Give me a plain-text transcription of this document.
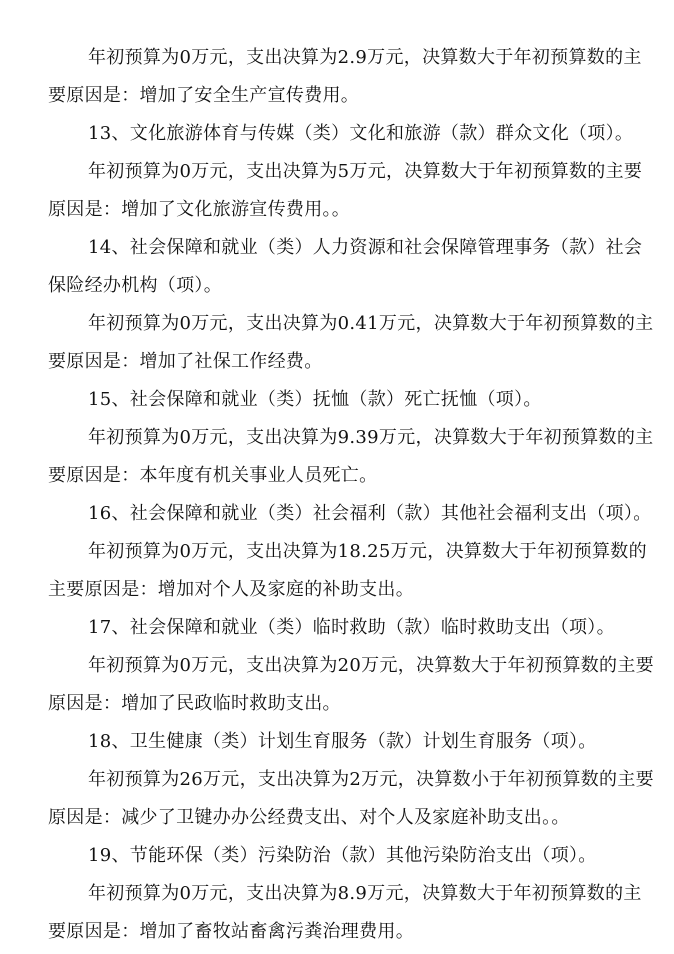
年初预算为0万元，支出决算为2.9万元，决算数大于年初预算数的主
要原因是：增加了安全生产宣传费用。
13、文化旅游体育与传媒（类）文化和旅游（款）群众文化（项）。
年初预算为0万元，支出决算为5万元，决算数大于年初预算数的主要
原因是：增加了文化旅游宣传费用。。
14、社会保障和就业（类）人力资源和社会保障管理事务（款）社会
保险经办机构（项）。
年初预算为0万元，支出决算为0.41万元，决算数大于年初预算数的主
要原因是：增加了社保工作经费。
15、社会保障和就业（类）抚恤（款）死亡抚恤（项）。
年初预算为0万元，支出决算为9.39万元，决算数大于年初预算数的主
要原因是：本年度有机关事业人员死亡。
16、社会保障和就业（类）社会福利（款）其他社会福利支出（项）。
年初预算为0万元，支出决算为18.25万元，决算数大于年初预算数的
主要原因是：增加对个人及家庭的补助支出。
17、社会保障和就业（类）临时救助（款）临时救助支出（项）。
年初预算为0万元，支出决算为20万元，决算数大于年初预算数的主要
原因是：增加了民政临时救助支出。
18、卫生健康（类）计划生育服务（款）计划生育服务（项）。
年初预算为26万元，支出决算为2万元，决算数小于年初预算数的主要
原因是：减少了卫键办办公经费支出、对个人及家庭补助支出。。
19、节能环保（类）污染防治（款）其他污染防治支出（项）。
年初预算为0万元，支出决算为8.9万元，决算数大于年初预算数的主
要原因是：增加了畜牧站畜禽污粪治理费用。
